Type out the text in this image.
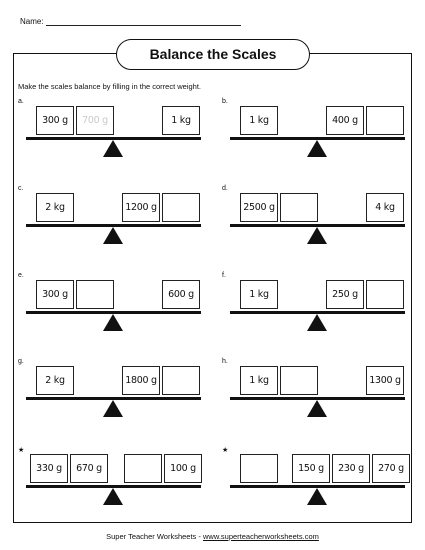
Name:
Balance the Scales
Make the scales balance by filling in the correct weight.
a.
300 g	700 g	1 kg
b.
1 kg	400 g
c.
2 kg	1200 g
d.
2500 g	4 kg
e.
300 g	600 g
f.
1 kg	250 g
g.
2 kg	1800 g
h.
1 kg	1300 g
★
330 g	670 g	100 g
★
150 g	230 g	270 g
Super Teacher Worksheets - www.superteacherworksheets.com
